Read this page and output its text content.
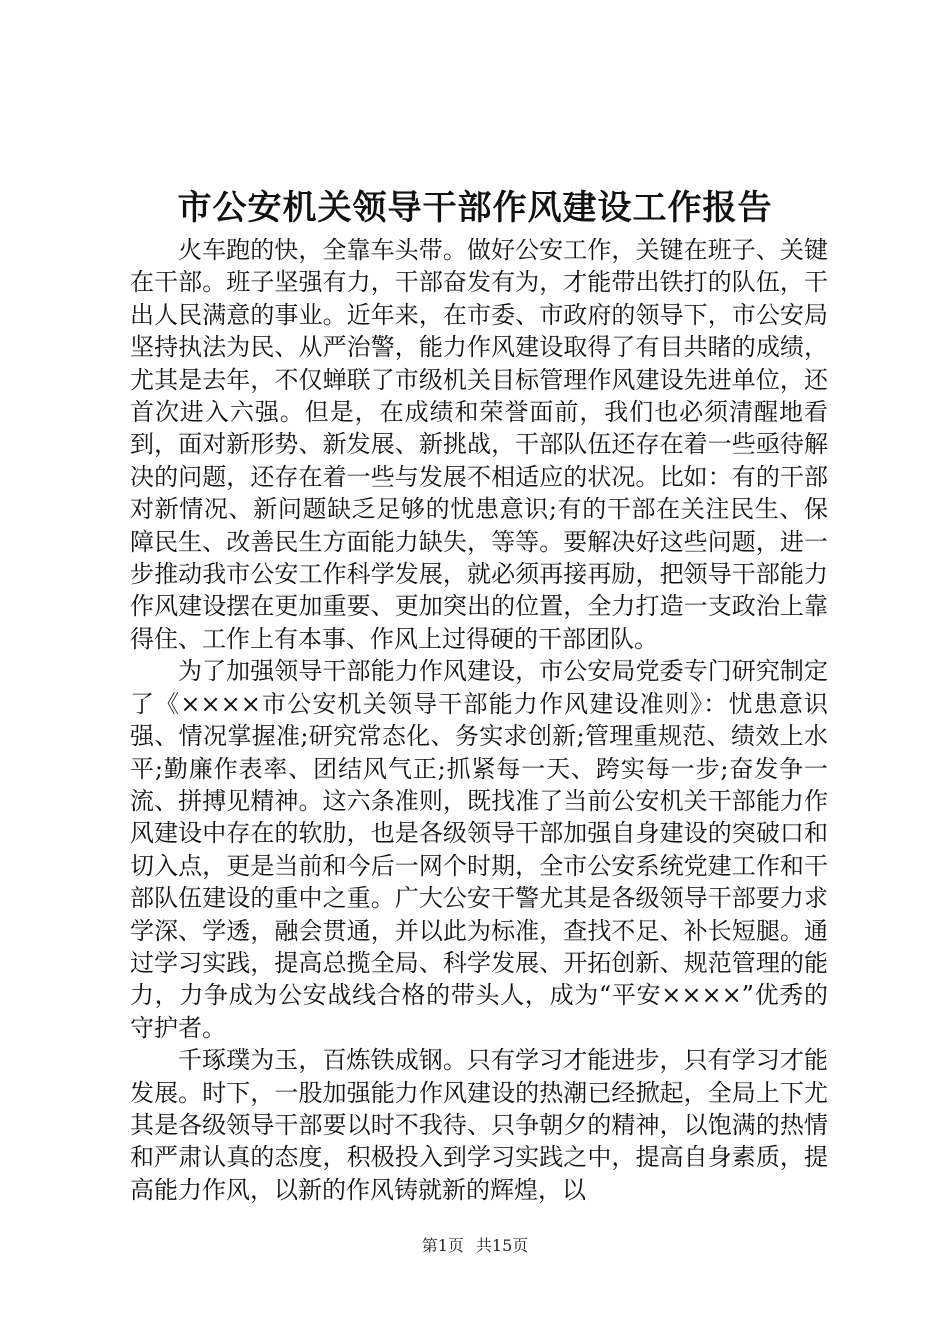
市公安机关领导干部作风建设工作报告

火车跑的快，全靠车头带。做好公安工作，关键在班子、关键在干部。班子坚强有力，干部奋发有为，才能带出铁打的队伍，干出人民满意的事业。近年来，在市委、市政府的领导下，市公安局坚持执法为民、从严治警，能力作风建设取得了有目共睹的成绩，尤其是去年，不仅蝉联了市级机关目标管理作风建设先进单位，还首次进入六强。但是，在成绩和荣誉面前，我们也必须清醒地看到，面对新形势、新发展、新挑战，干部队伍还存在着一些亟待解决的问题，还存在着一些与发展不相适应的状况。比如：有的干部对新情况、新问题缺乏足够的忧患意识;有的干部在关注民生、保障民生、改善民生方面能力缺失，等等。要解决好这些问题，进一步推动我市公安工作科学发展，就必须再接再励，把领导干部能力作风建设摆在更加重要、更加突出的位置，全力打造一支政治上靠得住、工作上有本事、作风上过得硬的干部团队。

为了加强领导干部能力作风建设，市公安局党委专门研究制定了《××××市公安机关领导干部能力作风建设准则》：忧患意识强、情况掌握准;研究常态化、务实求创新;管理重规范、绩效上水平;勤廉作表率、团结风气正;抓紧每一天、跨实每一步;奋发争一流、拼搏见精神。这六条准则，既找准了当前公安机关干部能力作风建设中存在的软肋，也是各级领导干部加强自身建设的突破口和切入点，更是当前和今后一网个时期，全市公安系统党建工作和干部队伍建设的重中之重。广大公安干警尤其是各级领导干部要力求学深、学透，融会贯通，并以此为标准，查找不足、补长短腿。通过学习实践，提高总揽全局、科学发展、开拓创新、规范管理的能力，力争成为公安战线合格的带头人，成为“平安××××”优秀的守护者。

千琢璞为玉，百炼铁成钢。只有学习才能进步，只有学习才能发展。时下，一股加强能力作风建设的热潮已经掀起，全局上下尤其是各级领导干部要以时不我待、只争朝夕的精神，以饱满的热情和严肃认真的态度，积极投入到学习实践之中，提高自身素质，提高能力作风，以新的作风铸就新的辉煌，以

第1页 共15页
